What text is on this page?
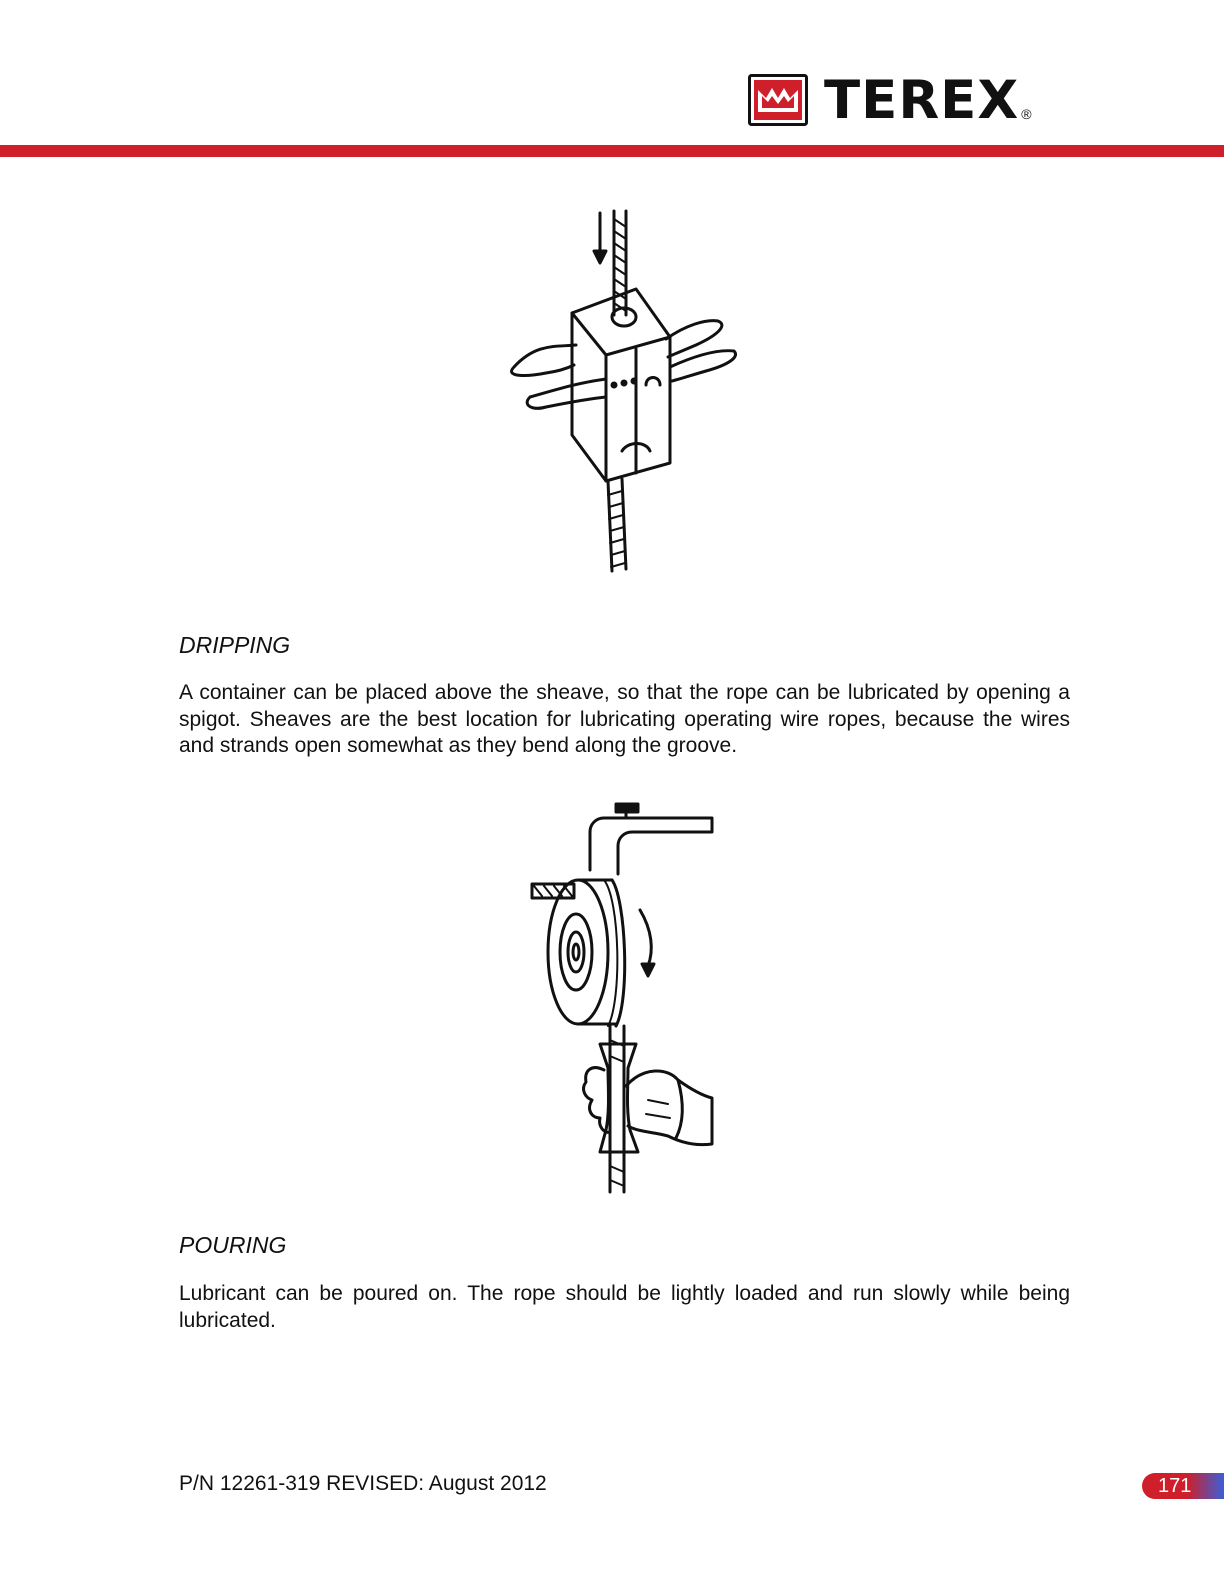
TEREX ®
DRIPPING

A container can be placed above the sheave, so that the rope can be lubricated by opening a spigot. Sheaves are the best location for lubricating operating wire ropes, because the wires and strands open somewhat as they bend along the groove.

POURING

Lubricant can be poured on. The rope should be lightly loaded and run slowly while being lubricated.

P/N 12261-319 REVISED: August 2012	171
